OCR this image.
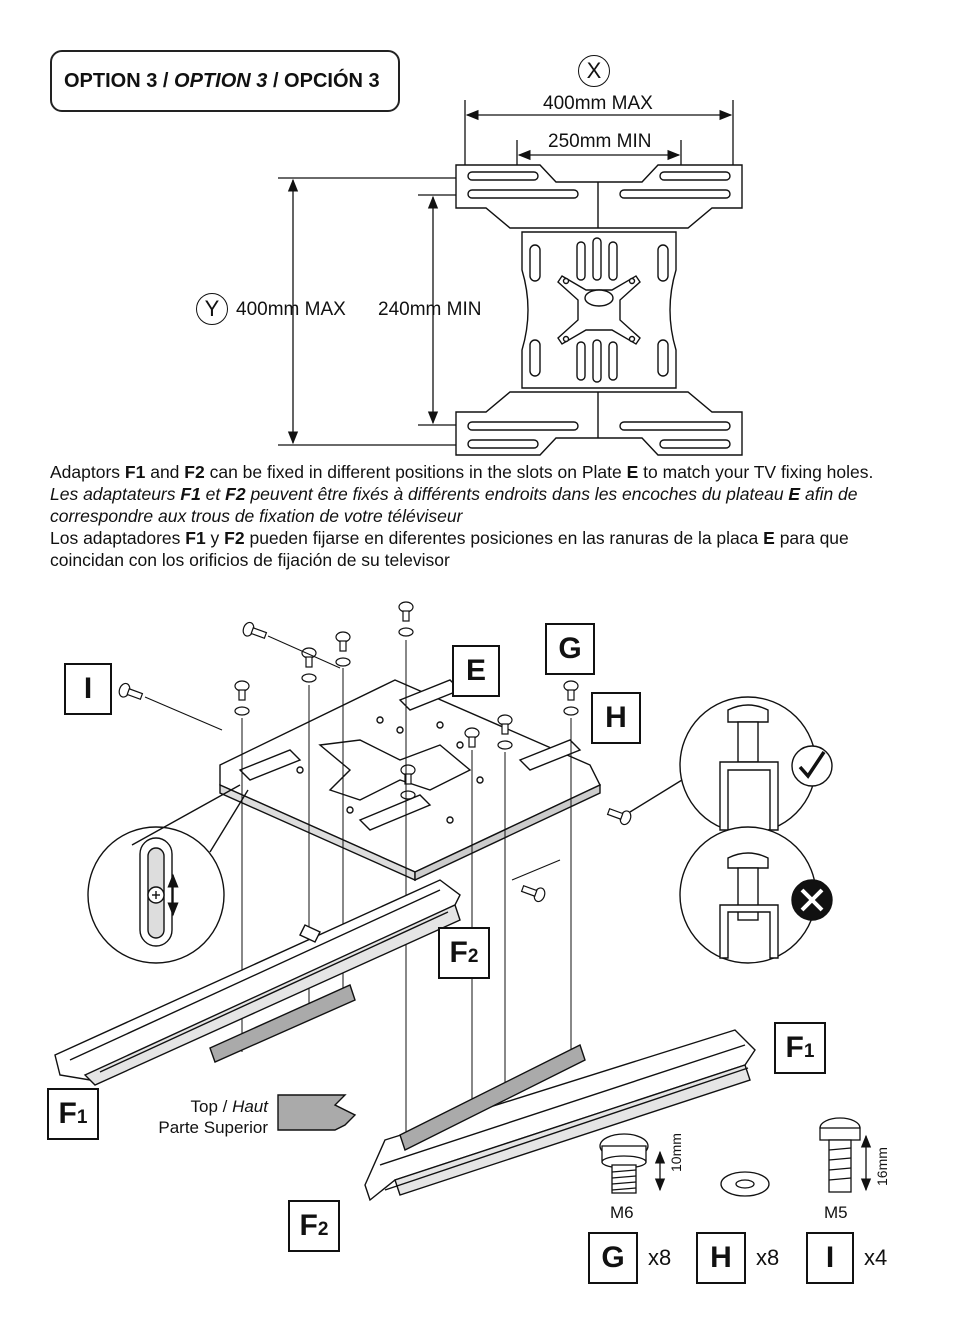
OPTION 3 / OPTION 3 / OPCIÓN 3	X
400mm MAX
250mm MIN
Y 400mm MAX 240mm MIN

Adaptors F1 and F2 can be fixed in different positions in the slots on Plate E to match your TV fixing holes.

Les adaptateurs F1 et F2 peuvent être fixés à différents endroits dans les encoches du plateau E afin de correspondre aux trous de fixation de votre téléviseur

Los adaptadores F1 y F2 pueden fijarse en diferentes posiciones en las ranuras de la placa E para que coincidan con los orificios de fijación de su televisor

I
E
G
H
$F_2$
$F_1$
$F_1$
$F_2$
Top / Haut
Parte Superior
10mm	16mm
M6	M5
G	x8	H	x8	I	x4
